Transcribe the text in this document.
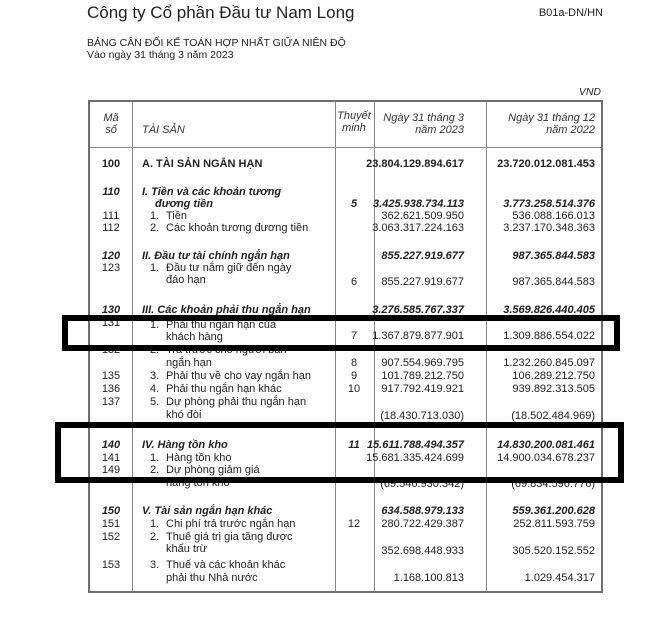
Công ty Cổ phần Đầu tư Nam Long	B01a-DN/HN
BẢNG CÂN ĐỐI KẾ TOÁN HỢP NHẤT GIỮA NIÊN ĐỘ
Vào ngày 31 tháng 3 năm 2023
VND
Mã
số	TÀI SẢN
Thuyết
minh
Ngày 31 tháng 3
năm 2023
Ngày 31 tháng 12
năm 2022
100	A. TÀI SẢN NGẮN HẠN	23.804.129.894.617	23.720.012.081.453
110	I. Tiền và các khoản tương
đương tiền	5	3.425.938.734.113	3.773.258.514.376
111	1. Tiền	362.621.509.950	536.088.166.013
112	2. Các khoản tương đương tiền	3.063.317.224.163	3.237.170.348.363
120	II. Đầu tư tài chính ngắn hạn	855.227.919.677	987.365.844.583
123	1. Đầu tư nắm giữ đến ngày
đáo hạn	6	855.227.919.677	987.365.844.583
130	III. Các khoản phải thu ngắn hạn	3.276.585.767.337	3.569.826.440.405
131	1. Phải thu ngắn hạn của
khách hàng	7	1.367.879.877.901	1.309.886.554.022
132	2. Trả trước cho người bán
ngắn hạn	8	907.554.969.795	1.232.260.845.097
135	3. Phải thu về cho vay ngắn hạn	9	101.789.212.750	106.289.212.750
136	4. Phải thu ngắn hạn khác	10	917.792.419.921	939.892.313.505
137	5. Dự phòng phải thu ngắn hạn
khó đòi	(18.430.713.030)	(18.502.484.969)
140	IV. Hàng tồn kho	11 15.611.788.494.357	14.830.200.081.461
141	1. Hàng tồn kho	15.681.335.424.699	14.900.034.678.237
149	2. Dự phòng giảm giá
hàng tồn kho	(69.546.930.342)	(69.834.596.776)
150	V. Tài sản ngắn hạn khác	634.588.979.133	559.361.200.628
151	1. Chi phí trả trước ngắn hạn	12	280.722.429.387	252.811.593.759
152	2. Thuế giá trị gia tăng được
khấu trừ	352.698.448.933	305.520.152.552
153	3. Thuế và các khoản khác
phải thu Nhà nước	1.168.100.813	1.029.454.317
